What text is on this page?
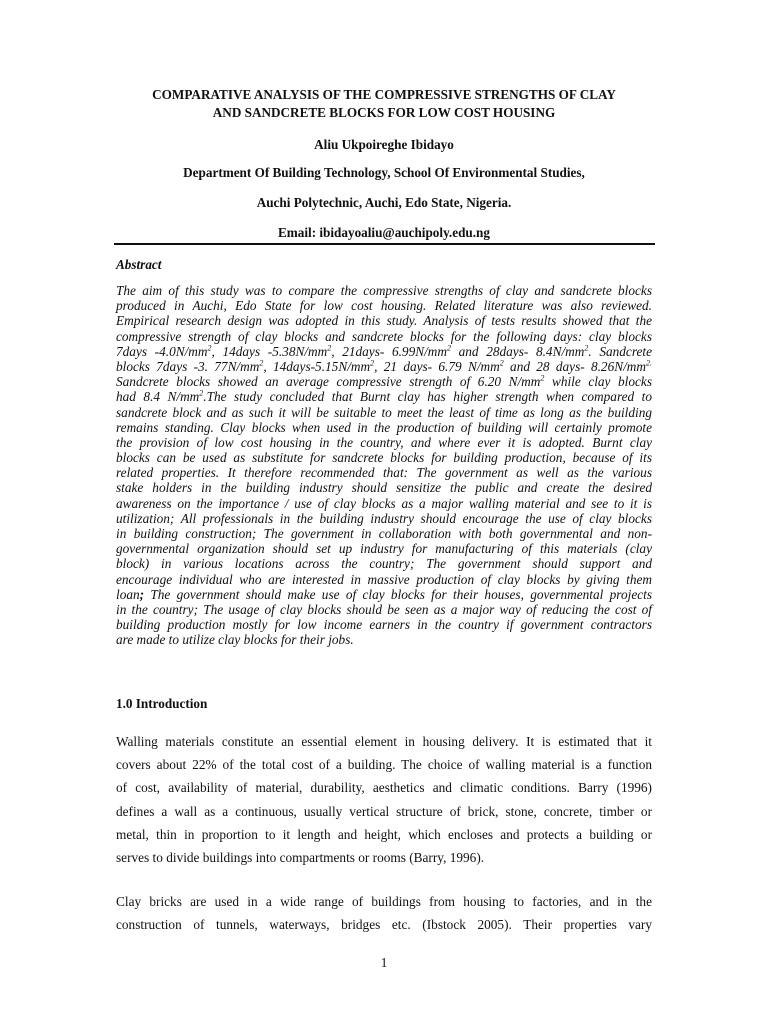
COMPARATIVE ANALYSIS OF THE COMPRESSIVE STRENGTHS OF CLAY
AND SANDCRETE BLOCKS FOR LOW COST HOUSING
Aliu Ukpoireghe Ibidayo
Department Of Building Technology, School Of Environmental Studies,
Auchi Polytechnic, Auchi, Edo State, Nigeria.
Email: ibidayoaliu@auchipoly.edu.ng
Abstract
The aim of this study was to compare the compressive strengths of clay and sandcrete blocks
produced in Auchi, Edo State for low cost housing. Related literature was also reviewed.
Empirical research design was adopted in this study. Analysis of tests results showed that the
compressive strength of clay blocks and sandcrete blocks for the following days: clay blocks
7days $-4.0N/mm^2$, 14days $-5.38N/mm^2$, 21days- $6.99N/mm^2$ and 28days- $8.4N/mm^2$. Sandcrete
blocks 7days -3. $77N/mm^2$, $14days-5.15N/mm^2$, 21 days- 6.79 $N/mm^2$ and 28 days- $8.26N/mm^{2.}$
Sandcrete blocks showed an average compressive strength of 6.20 $N/mm^2$ while clay blocks
had 8.4 $N/mm^2.The$ study concluded that Burnt clay has higher strength when compared to
sandcrete block and as such it will be suitable to meet the least of time as long as the building
remains standing. Clay blocks when used in the production of building will certainly promote
the provision of low cost housing in the country, and where ever it is adopted. Burnt clay
blocks can be used as substitute for sandcrete blocks for building production, because of its
related properties. It therefore recommended that: The government as well as the various
stake holders in the building industry should sensitize the public and create the desired
awareness on the importance / use of clay blocks as a major walling material and see to it is
utilization; All professionals in the building industry should encourage the use of clay blocks
in building construction; The government in collaboration with both governmental and non-
governmental organization should set up industry for manufacturing of this materials (clay
block) in various locations across the country; The government should support and
encourage individual who are interested in massive production of clay blocks by giving them
loan; The government should make use of clay blocks for their houses, governmental projects
in the country; The usage of clay blocks should be seen as a major way of reducing the cost of
building production mostly for low income earners in the country if government contractors
are made to utilize clay blocks for their jobs.
1.0 Introduction
Walling materials constitute an essential element in housing delivery. It is estimated that it
covers about 22% of the total cost of a building. The choice of walling material is a function
of cost, availability of material, durability, aesthetics and climatic conditions. Barry (1996)
defines a wall as a continuous, usually vertical structure of brick, stone, concrete, timber or
metal, thin in proportion to it length and height, which encloses and protects a building or
serves to divide buildings into compartments or rooms (Barry, 1996).
Clay bricks are used in a wide range of buildings from housing to factories, and in the
construction of tunnels, waterways, bridges etc. (Ibstock 2005). Their properties vary
1
